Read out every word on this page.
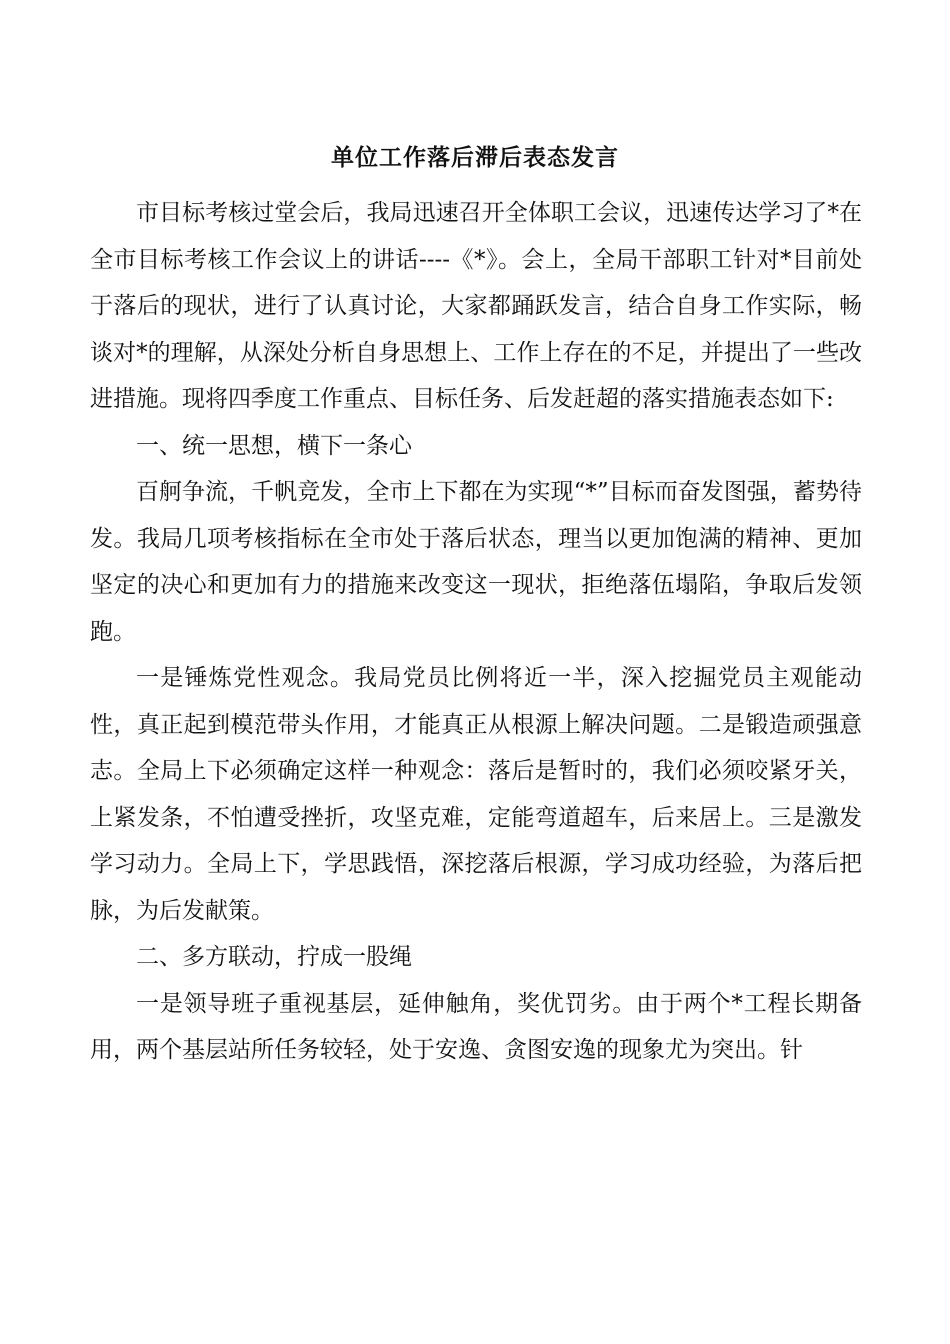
单位工作落后滞后表态发言

市目标考核过堂会后，我局迅速召开全体职工会议，迅速传达学习了*在全市目标考核工作会议上的讲话----《*》。会上，全局干部职工针对*目前处于落后的现状，进行了认真讨论，大家都踊跃发言，结合自身工作实际，畅谈对*的理解，从深处分析自身思想上、工作上存在的不足，并提出了一些改进措施。现将四季度工作重点、目标任务、后发赶超的落实措施表态如下:

一、统一思想，横下一条心

百舸争流，千帆竞发，全市上下都在为实现“*”目标而奋发图强，蓄势待发。我局几项考核指标在全市处于落后状态，理当以更加饱满的精神、更加坚定的决心和更加有力的措施来改变这一现状，拒绝落伍塌陷，争取后发领跑。

一是锤炼党性观念。我局党员比例将近一半，深入挖掘党员主观能动性，真正起到模范带头作用，才能真正从根源上解决问题。二是锻造顽强意志。全局上下必须确定这样一种观念：落后是暂时的，我们必须咬紧牙关，上紧发条，不怕遭受挫折，攻坚克难，定能弯道超车，后来居上。三是激发学习动力。全局上下，学思践悟，深挖落后根源，学习成功经验，为落后把脉，为后发献策。

二、多方联动，拧成一股绳

一是领导班子重视基层，延伸触角，奖优罚劣。由于两个*工程长期备用，两个基层站所任务较轻，处于安逸、贪图安逸的现象尤为突出。针
